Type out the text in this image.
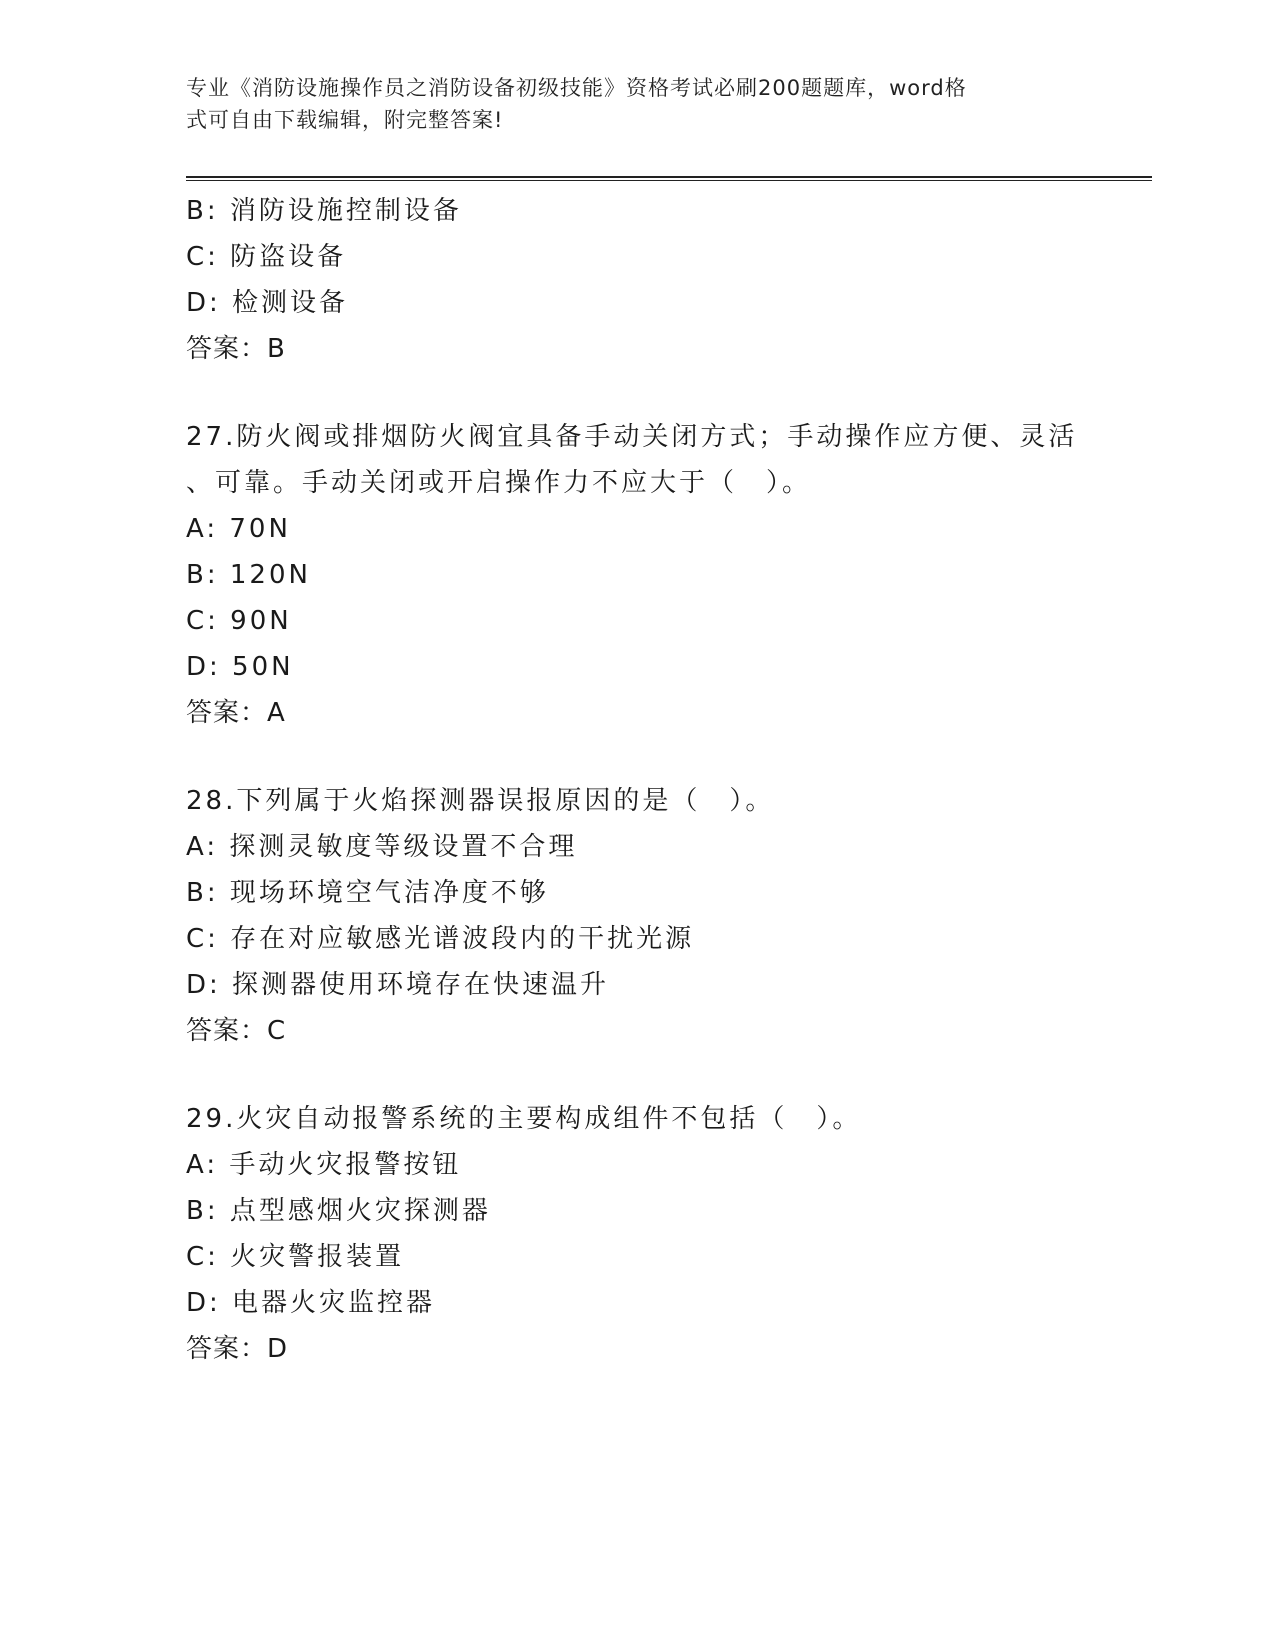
专业《消防设施操作员之消防设备初级技能》资格考试必刷200题题库，word格
式可自由下载编辑，附完整答案!
B: 消防设施控制设备
C: 防盗设备
D: 检测设备
答案：B
27.防火阀或排烟防火阀宜具备手动关闭方式；手动操作应方便、灵活
、可靠。手动关闭或开启操作力不应大于（　）。
A: 70N
B: 120N
C: 90N
D: 50N
答案：A
28.下列属于火焰探测器误报原因的是（　）。
A: 探测灵敏度等级设置不合理
B: 现场环境空气洁净度不够
C: 存在对应敏感光谱波段内的干扰光源
D: 探测器使用环境存在快速温升
答案：C
29.火灾自动报警系统的主要构成组件不包括（　）。
A: 手动火灾报警按钮
B: 点型感烟火灾探测器
C: 火灾警报装置
D: 电器火灾监控器
答案：D
